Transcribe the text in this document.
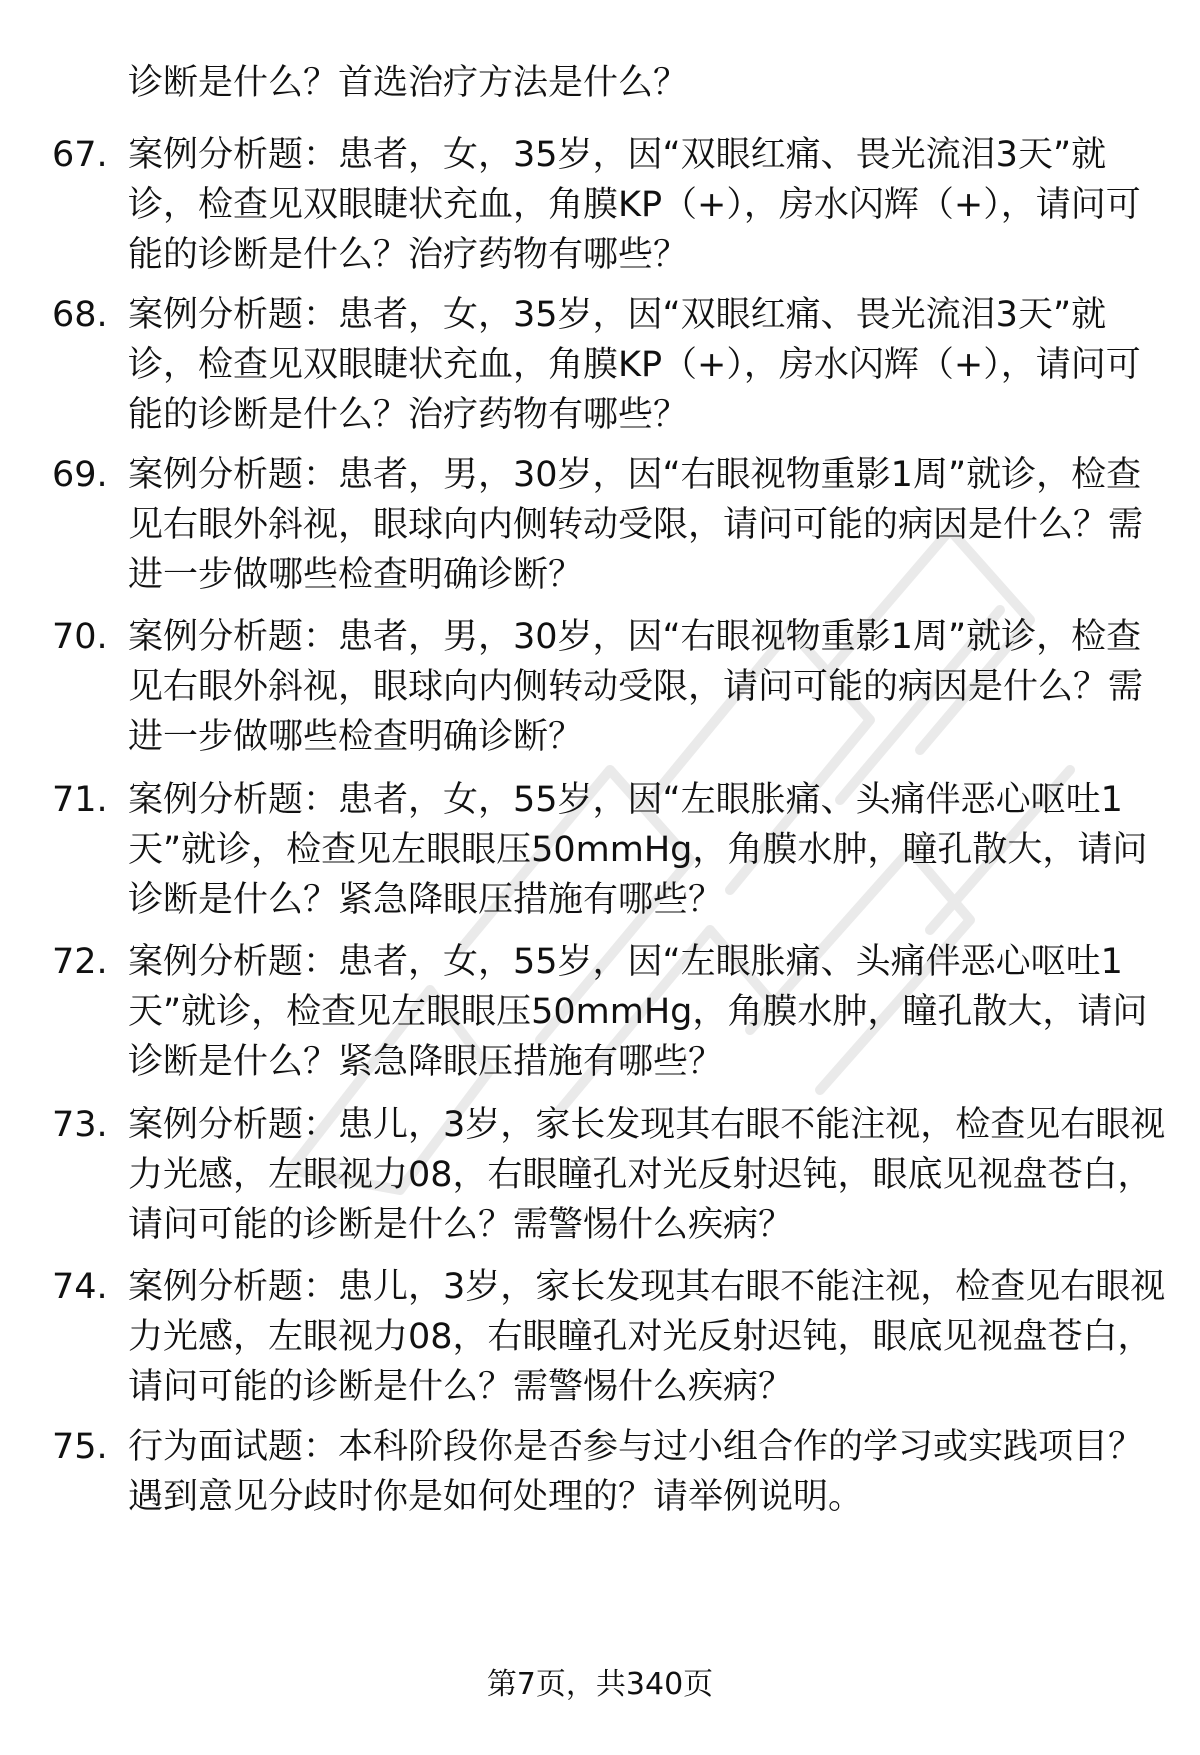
诊断是什么？首选治疗方法是什么？

67. 案例分析题：患者，女，35岁，因“双眼红痛、畏光流泪3天”就诊，检查见双眼睫状充血，角膜KP（+），房水闪辉（+），请问可能的诊断是什么？治疗药物有哪些？

68. 案例分析题：患者，女，35岁，因“双眼红痛、畏光流泪3天”就诊，检查见双眼睫状充血，角膜KP（+），房水闪辉（+），请问可能的诊断是什么？治疗药物有哪些？

69. 案例分析题：患者，男，30岁，因“右眼视物重影1周”就诊，检查见右眼外斜视，眼球向内侧转动受限，请问可能的病因是什么？需进一步做哪些检查明确诊断？

70. 案例分析题：患者，男，30岁，因“右眼视物重影1周”就诊，检查见右眼外斜视，眼球向内侧转动受限，请问可能的病因是什么？需进一步做哪些检查明确诊断？

71. 案例分析题：患者，女，55岁，因“左眼胀痛、头痛伴恶心呕吐1天”就诊，检查见左眼眼压50mmHg，角膜水肿，瞳孔散大，请问诊断是什么？紧急降眼压措施有哪些？

72. 案例分析题：患者，女，55岁，因“左眼胀痛、头痛伴恶心呕吐1天”就诊，检查见左眼眼压50mmHg，角膜水肿，瞳孔散大，请问诊断是什么？紧急降眼压措施有哪些？

73. 案例分析题：患儿，3岁，家长发现其右眼不能注视，检查见右眼视力光感，左眼视力08，右眼瞳孔对光反射迟钝，眼底见视盘苍白，请问可能的诊断是什么？需警惕什么疾病？

74. 案例分析题：患儿，3岁，家长发现其右眼不能注视，检查见右眼视力光感，左眼视力08，右眼瞳孔对光反射迟钝，眼底见视盘苍白，请问可能的诊断是什么？需警惕什么疾病？

75. 行为面试题：本科阶段你是否参与过小组合作的学习或实践项目？遇到意见分歧时你是如何处理的？请举例说明。

第7页，共340页
